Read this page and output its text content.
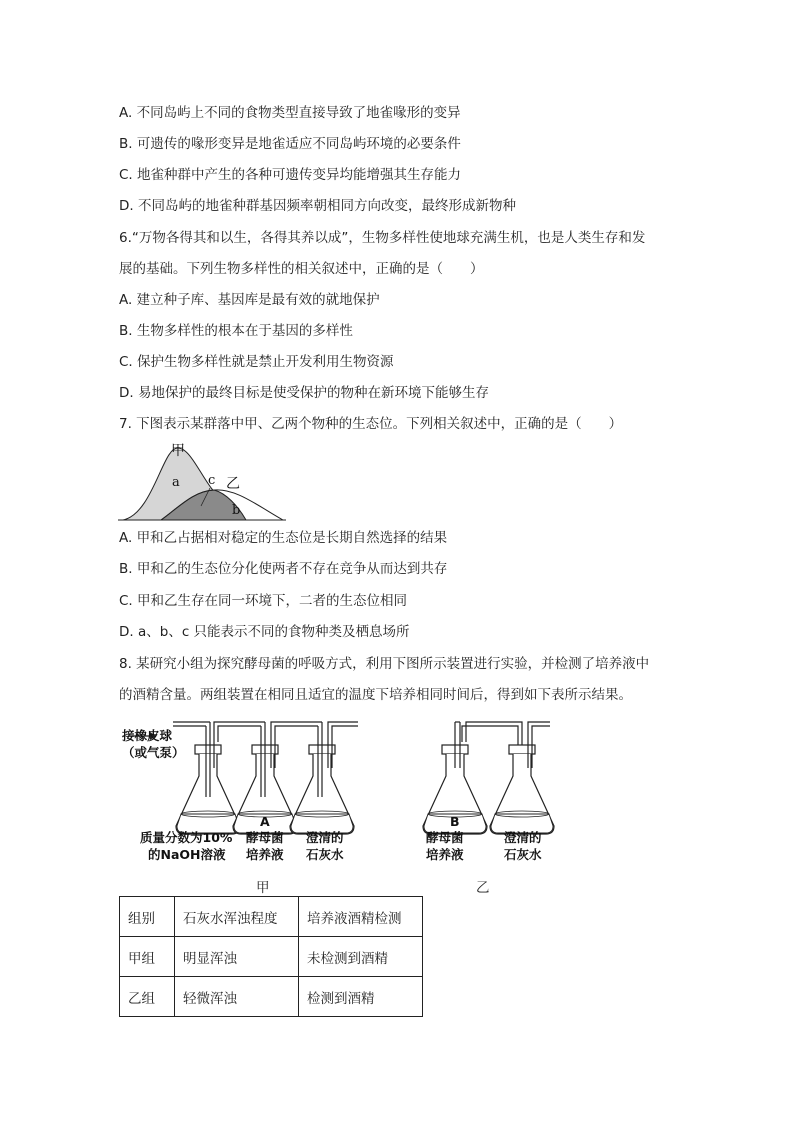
A. 不同岛屿上不同的食物类型直接导致了地雀喙形的变异
B. 可遗传的喙形变异是地雀适应不同岛屿环境的必要条件
C. 地雀种群中产生的各种可遗传变异均能增强其生存能力
D. 不同岛屿的地雀种群基因频率朝相同方向改变，最终形成新物种
6.“万物各得其和以生，各得其养以成”，生物多样性使地球充满生机，也是人类生存和发
展的基础。下列生物多样性的相关叙述中，正确的是（　　）
A. 建立种子库、基因库是最有效的就地保护
B. 生物多样性的根本在于基因的多样性
C. 保护生物多样性就是禁止开发利用生物资源
D. 易地保护的最终目标是使受保护的物种在新环境下能够生存
7. 下图表示某群落中甲、乙两个物种的生态位。下列相关叙述中，正确的是（　　）
甲
乙
a
b
c
A. 甲和乙占据相对稳定的生态位是长期自然选择的结果
B. 甲和乙的生态位分化使两者不存在竞争从而达到共存
C. 甲和乙生存在同一环境下，二者的生态位相同
D. a、b、c 只能表示不同的食物种类及栖息场所
8. 某研究小组为探究酵母菌的呼吸方式，利用下图所示装置进行实验，并检测了培养液中
的酒精含量。两组装置在相同且适宜的温度下培养相同时间后，得到如下表所示结果。
接橡皮球
（或气泵）
A	B
质量分数为10%
的NaOH溶液
酵母菌
培养液
澄清的
石灰水
酵母菌
培养液
澄清的
石灰水
甲	乙
组别	石灰水浑浊程度	培养液酒精检测
甲组	明显浑浊	未检测到酒精
乙组	轻微浑浊	检测到酒精
